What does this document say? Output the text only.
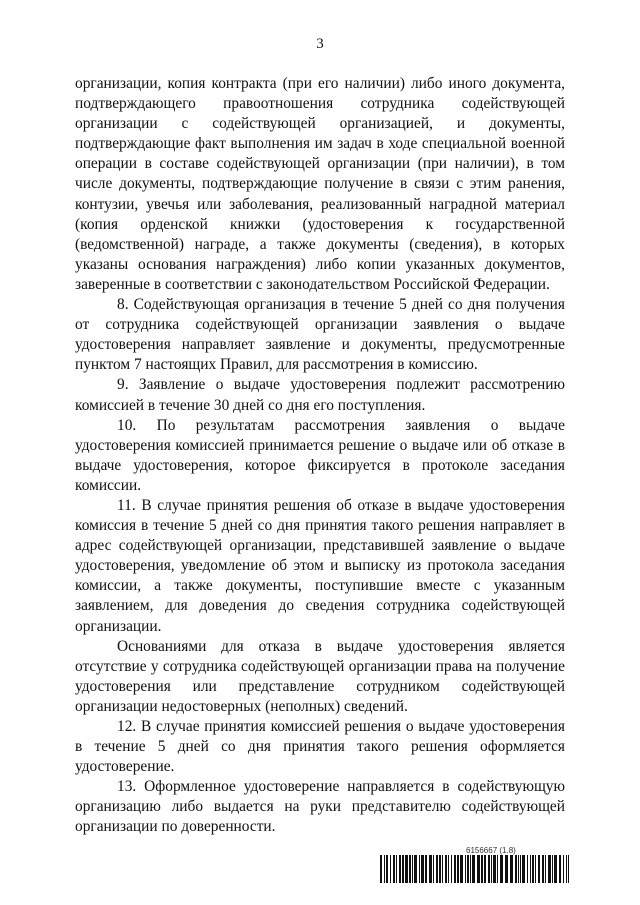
3

организации, копия контракта (при его наличии) либо иного документа, подтверждающего правоотношения сотрудника содействующей организации с содействующей организацией, и документы, подтверждающие факт выполнения им задач в ходе специальной военной операции в составе содействующей организации (при наличии), в том числе документы, подтверждающие получение в связи с этим ранения, контузии, увечья или заболевания, реализованный наградной материал (копия орденской книжки (удостоверения к государственной (ведомственной) награде, а также документы (сведения), в которых указаны основания награждения) либо копии указанных документов, заверенные в соответствии с законодательством Российской Федерации.

8. Содействующая организация в течение 5 дней со дня получения от сотрудника содействующей организации заявления о выдаче удостоверения направляет заявление и документы, предусмотренные пунктом 7 настоящих Правил, для рассмотрения в комиссию.

9. Заявление о выдаче удостоверения подлежит рассмотрению комиссией в течение 30 дней со дня его поступления.

10. По результатам рассмотрения заявления о выдаче удостоверения комиссией принимается решение о выдаче или об отказе в выдаче удостоверения, которое фиксируется в протоколе заседания комиссии.

11. В случае принятия решения об отказе в выдаче удостоверения комиссия в течение 5 дней со дня принятия такого решения направляет в адрес содействующей организации, представившей заявление о выдаче удостоверения, уведомление об этом и выписку из протокола заседания комиссии, а также документы, поступившие вместе с указанным заявлением, для доведения до сведения сотрудника содействующей организации.

Основаниями для отказа в выдаче удостоверения является отсутствие у сотрудника содействующей организации права на получение удостоверения или представление сотрудником содействующей организации недостоверных (неполных) сведений.

12. В случае принятия комиссией решения о выдаче удостоверения в течение 5 дней со дня принятия такого решения оформляется удостоверение.

13. Оформленное удостоверение направляется в содействующую организацию либо выдается на руки представителю содействующей организации по доверенности.

6156667 (1.8)
